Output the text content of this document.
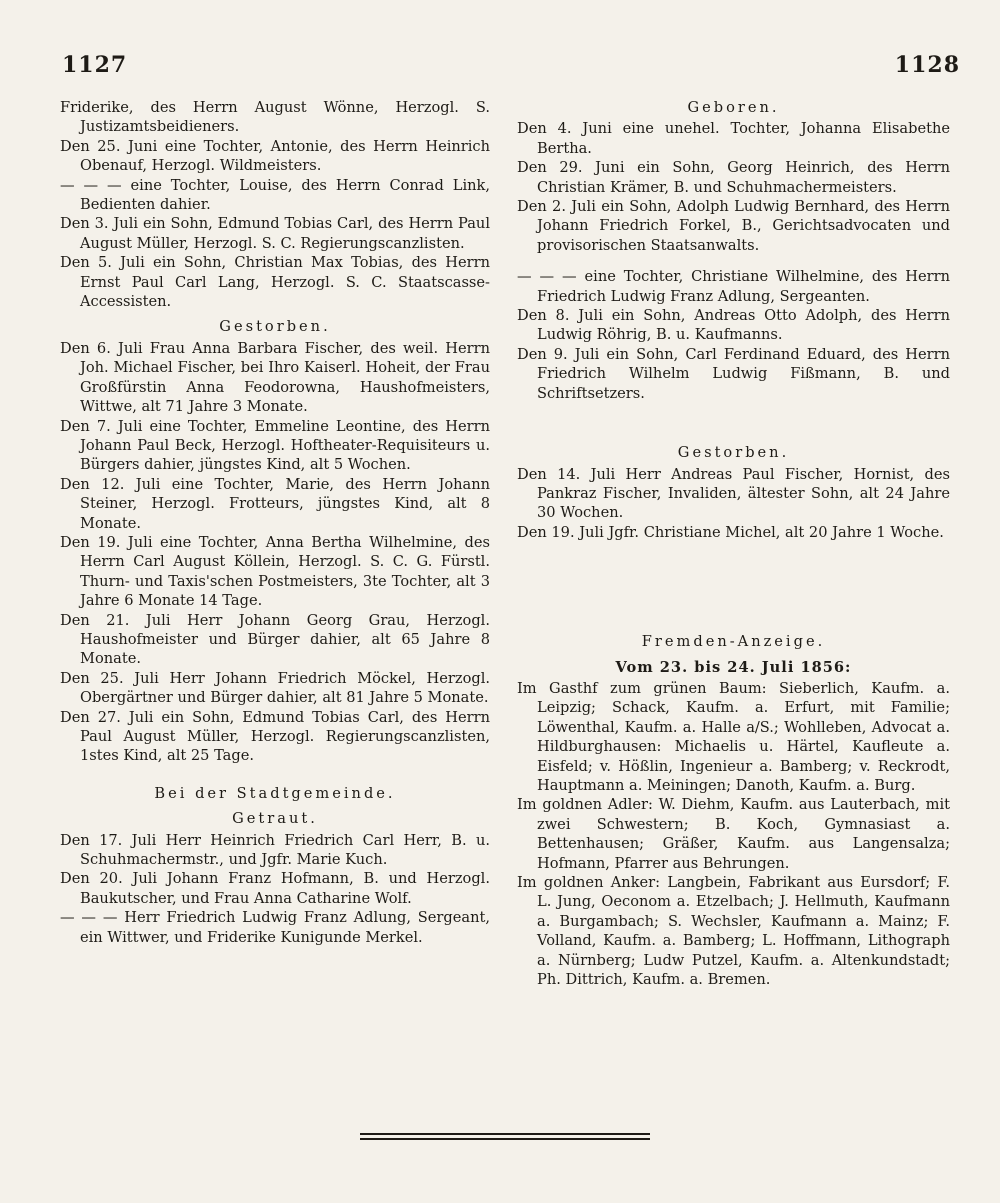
1127	1128

Friderike, des Herrn August Wönne, Herzogl. S. Justizamtsbeidieners.

Den 25. Juni eine Tochter, Antonie, des Herrn Heinrich Obenauf, Herzogl. Wildmeisters.

— — — eine Tochter, Louise, des Herrn Conrad Link, Bedienten dahier.

Den 3. Juli ein Sohn, Edmund Tobias Carl, des Herrn Paul August Müller, Herzogl. S. C. Regierungscanzlisten.

Den 5. Juli ein Sohn, Christian Max Tobias, des Herrn Ernst Paul Carl Lang, Herzogl. S. C. Staatscasse-Accessisten.

Gestorben.

Den 6. Juli Frau Anna Barbara Fischer, des weil. Herrn Joh. Michael Fischer, bei Ihro Kaiserl. Hoheit, der Frau Großfürstin Anna Feodorowna, Haushofmeisters, Wittwe, alt 71 Jahre 3 Monate.

Den 7. Juli eine Tochter, Emmeline Leontine, des Herrn Johann Paul Beck, Herzogl. Hoftheater-Requisiteurs u. Bürgers dahier, jüngstes Kind, alt 5 Wochen.

Den 12. Juli eine Tochter, Marie, des Herrn Johann Steiner, Herzogl. Frotteurs, jüngstes Kind, alt 8 Monate.

Den 19. Juli eine Tochter, Anna Bertha Wilhelmine, des Herrn Carl August Köllein, Herzogl. S. C. G. Fürstl. Thurn- und Taxis'schen Postmeisters, 3te Tochter, alt 3 Jahre 6 Monate 14 Tage.

Den 21. Juli Herr Johann Georg Grau, Herzogl. Haushofmeister und Bürger dahier, alt 65 Jahre 8 Monate.

Den 25. Juli Herr Johann Friedrich Möckel, Herzogl. Obergärtner und Bürger dahier, alt 81 Jahre 5 Monate.

Den 27. Juli ein Sohn, Edmund Tobias Carl, des Herrn Paul August Müller, Herzogl. Regierungscanzlisten, 1stes Kind, alt 25 Tage.

Bei der Stadtgemeinde.
Getraut.

Den 17. Juli Herr Heinrich Friedrich Carl Herr, B. u. Schuhmachermstr., und Jgfr. Marie Kuch.

Den 20. Juli Johann Franz Hofmann, B. und Herzogl. Baukutscher, und Frau Anna Catharine Wolf.

— — — Herr Friedrich Ludwig Franz Adlung, Sergeant, ein Wittwer, und Friderike Kunigunde Merkel.

Geboren.

Den 4. Juni eine unehel. Tochter, Johanna Elisabethe Bertha.

Den 29. Juni ein Sohn, Georg Heinrich, des Herrn Christian Krämer, B. und Schuhmachermeisters.

Den 2. Juli ein Sohn, Adolph Ludwig Bernhard, des Herrn Johann Friedrich Forkel, B., Gerichtsadvocaten und provisorischen Staatsanwalts.

— — — eine Tochter, Christiane Wilhelmine, des Herrn Friedrich Ludwig Franz Adlung, Sergeanten.

Den 8. Juli ein Sohn, Andreas Otto Adolph, des Herrn Ludwig Röhrig, B. u. Kaufmanns.

Den 9. Juli ein Sohn, Carl Ferdinand Eduard, des Herrn Friedrich Wilhelm Ludwig Fißmann, B. und Schriftsetzers.

Gestorben.

Den 14. Juli Herr Andreas Paul Fischer, Hornist, des Pankraz Fischer, Invaliden, ältester Sohn, alt 24 Jahre 30 Wochen.

Den 19. Juli Jgfr. Christiane Michel, alt 20 Jahre 1 Woche.

Fremden-Anzeige.
Vom 23. bis 24. Juli 1856:

Im Gasthf zum grünen Baum: Sieberlich, Kaufm. a. Leipzig; Schack, Kaufm. a. Erfurt, mit Familie; Löwenthal, Kaufm. a. Halle a/S.; Wohlleben, Advocat a. Hildburghausen: Michaelis u. Härtel, Kaufleute a. Eisfeld; v. Hößlin, Ingenieur a. Bamberg; v. Reckrodt, Hauptmann a. Meiningen; Danoth, Kaufm. a. Burg.

Im goldnen Adler: W. Diehm, Kaufm. aus Lauterbach, mit zwei Schwestern; B. Koch, Gymnasiast a. Bettenhausen; Gräßer, Kaufm. aus Langensalza; Hofmann, Pfarrer aus Behrungen.

Im goldnen Anker: Langbein, Fabrikant aus Eursdorf; F. L. Jung, Oeconom a. Etzelbach; J. Hellmuth, Kaufmann a. Burgambach; S. Wechsler, Kaufmann a. Mainz; F. Volland, Kaufm. a. Bamberg; L. Hoffmann, Lithograph a. Nürnberg; Ludw Putzel, Kaufm. a. Altenkundstadt; Ph. Dittrich, Kaufm. a. Bremen.
